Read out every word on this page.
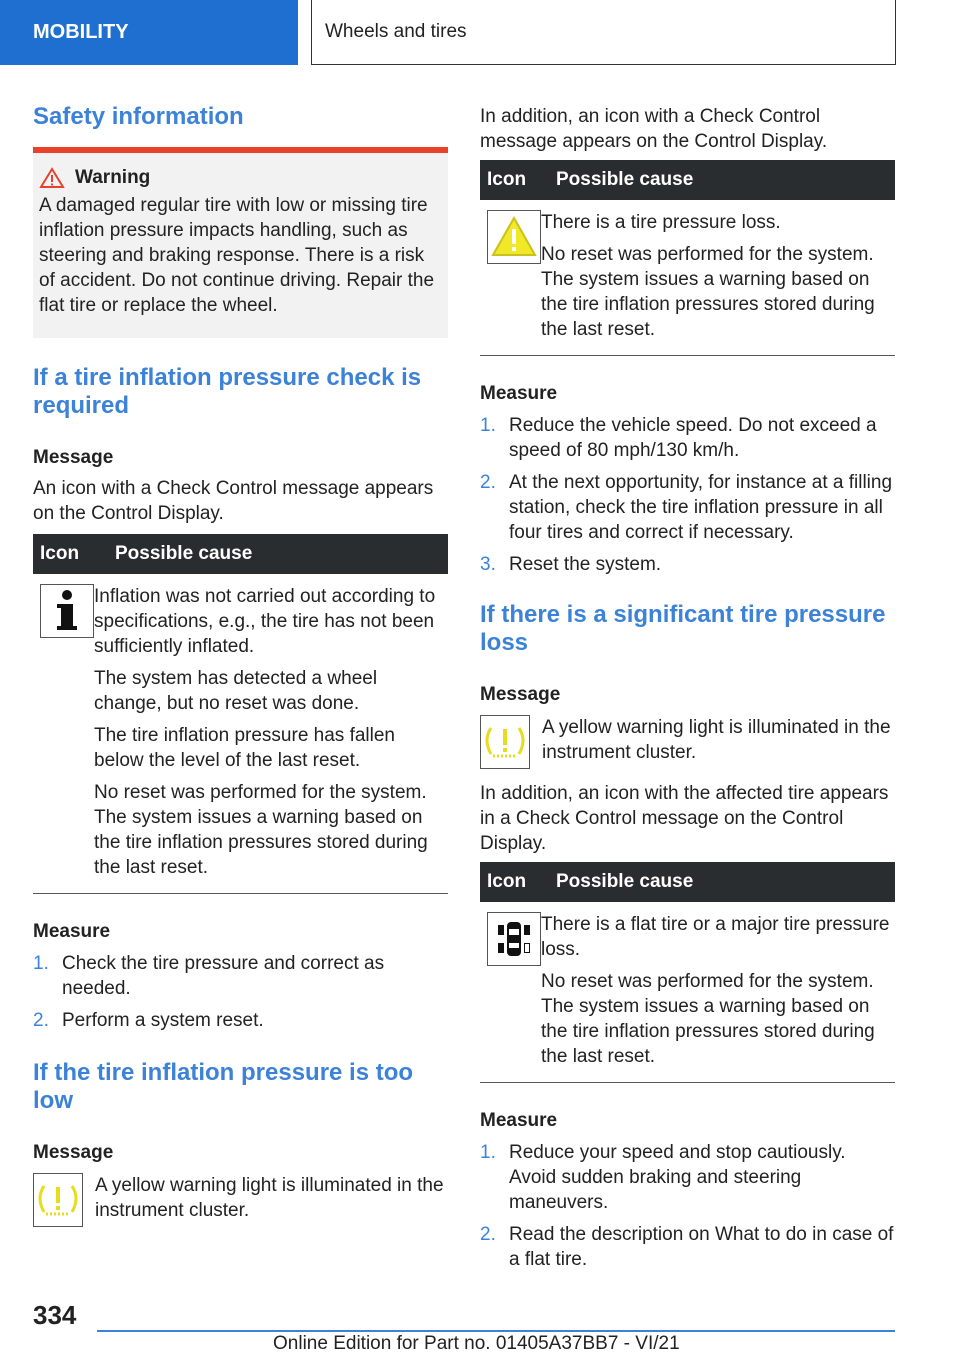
MOBILITY	Wheels and tires
Safety information
Warning

A damaged regular tire with low or missing tire inflation pressure impacts handling, such as steering and braking response. There is a risk of accident. Do not continue driving. Repair the flat tire or replace the wheel.

If a tire inflation pressure check is required
Message

An icon with a Check Control message appears on the Control Display.

Icon	Possible cause

Inflation was not carried out according to specifications, e.g., the tire has not been sufficiently inflated.

The system has detected a wheel change, but no reset was done.

The tire inflation pressure has fallen below the level of the last reset.

No reset was performed for the system. The system issues a warning based on the tire inflation pressures stored during the last reset.

Measure
1. Check the tire pressure and correct as needed.
2. Perform a system reset.
If the tire inflation pressure is too low
Message

A yellow warning light is illuminated in the instrument cluster.

In addition, an icon with a Check Control message appears on the Control Display.

Icon	Possible cause

There is a tire pressure loss.

No reset was performed for the system. The system issues a warning based on the tire inflation pressures stored during the last reset.

Measure
1. Reduce the vehicle speed. Do not exceed a speed of 80 mph/130 km/h.
2. At the next opportunity, for instance at a filling station, check the tire inflation pressure in all four tires and correct if necessary.
3. Reset the system.
If there is a significant tire pressure loss
Message

A yellow warning light is illuminated in the instrument cluster.

In addition, an icon with the affected tire appears in a Check Control message on the Control Display.

Icon	Possible cause

There is a flat tire or a major tire pressure loss.

No reset was performed for the system. The system issues a warning based on the tire inflation pressures stored during the last reset.

Measure
1. Reduce your speed and stop cautiously. Avoid sudden braking and steering maneuvers.
2. Read the description on What to do in case of a flat tire.
334
Online Edition for Part no. 01405A37BB7 - VI/21
